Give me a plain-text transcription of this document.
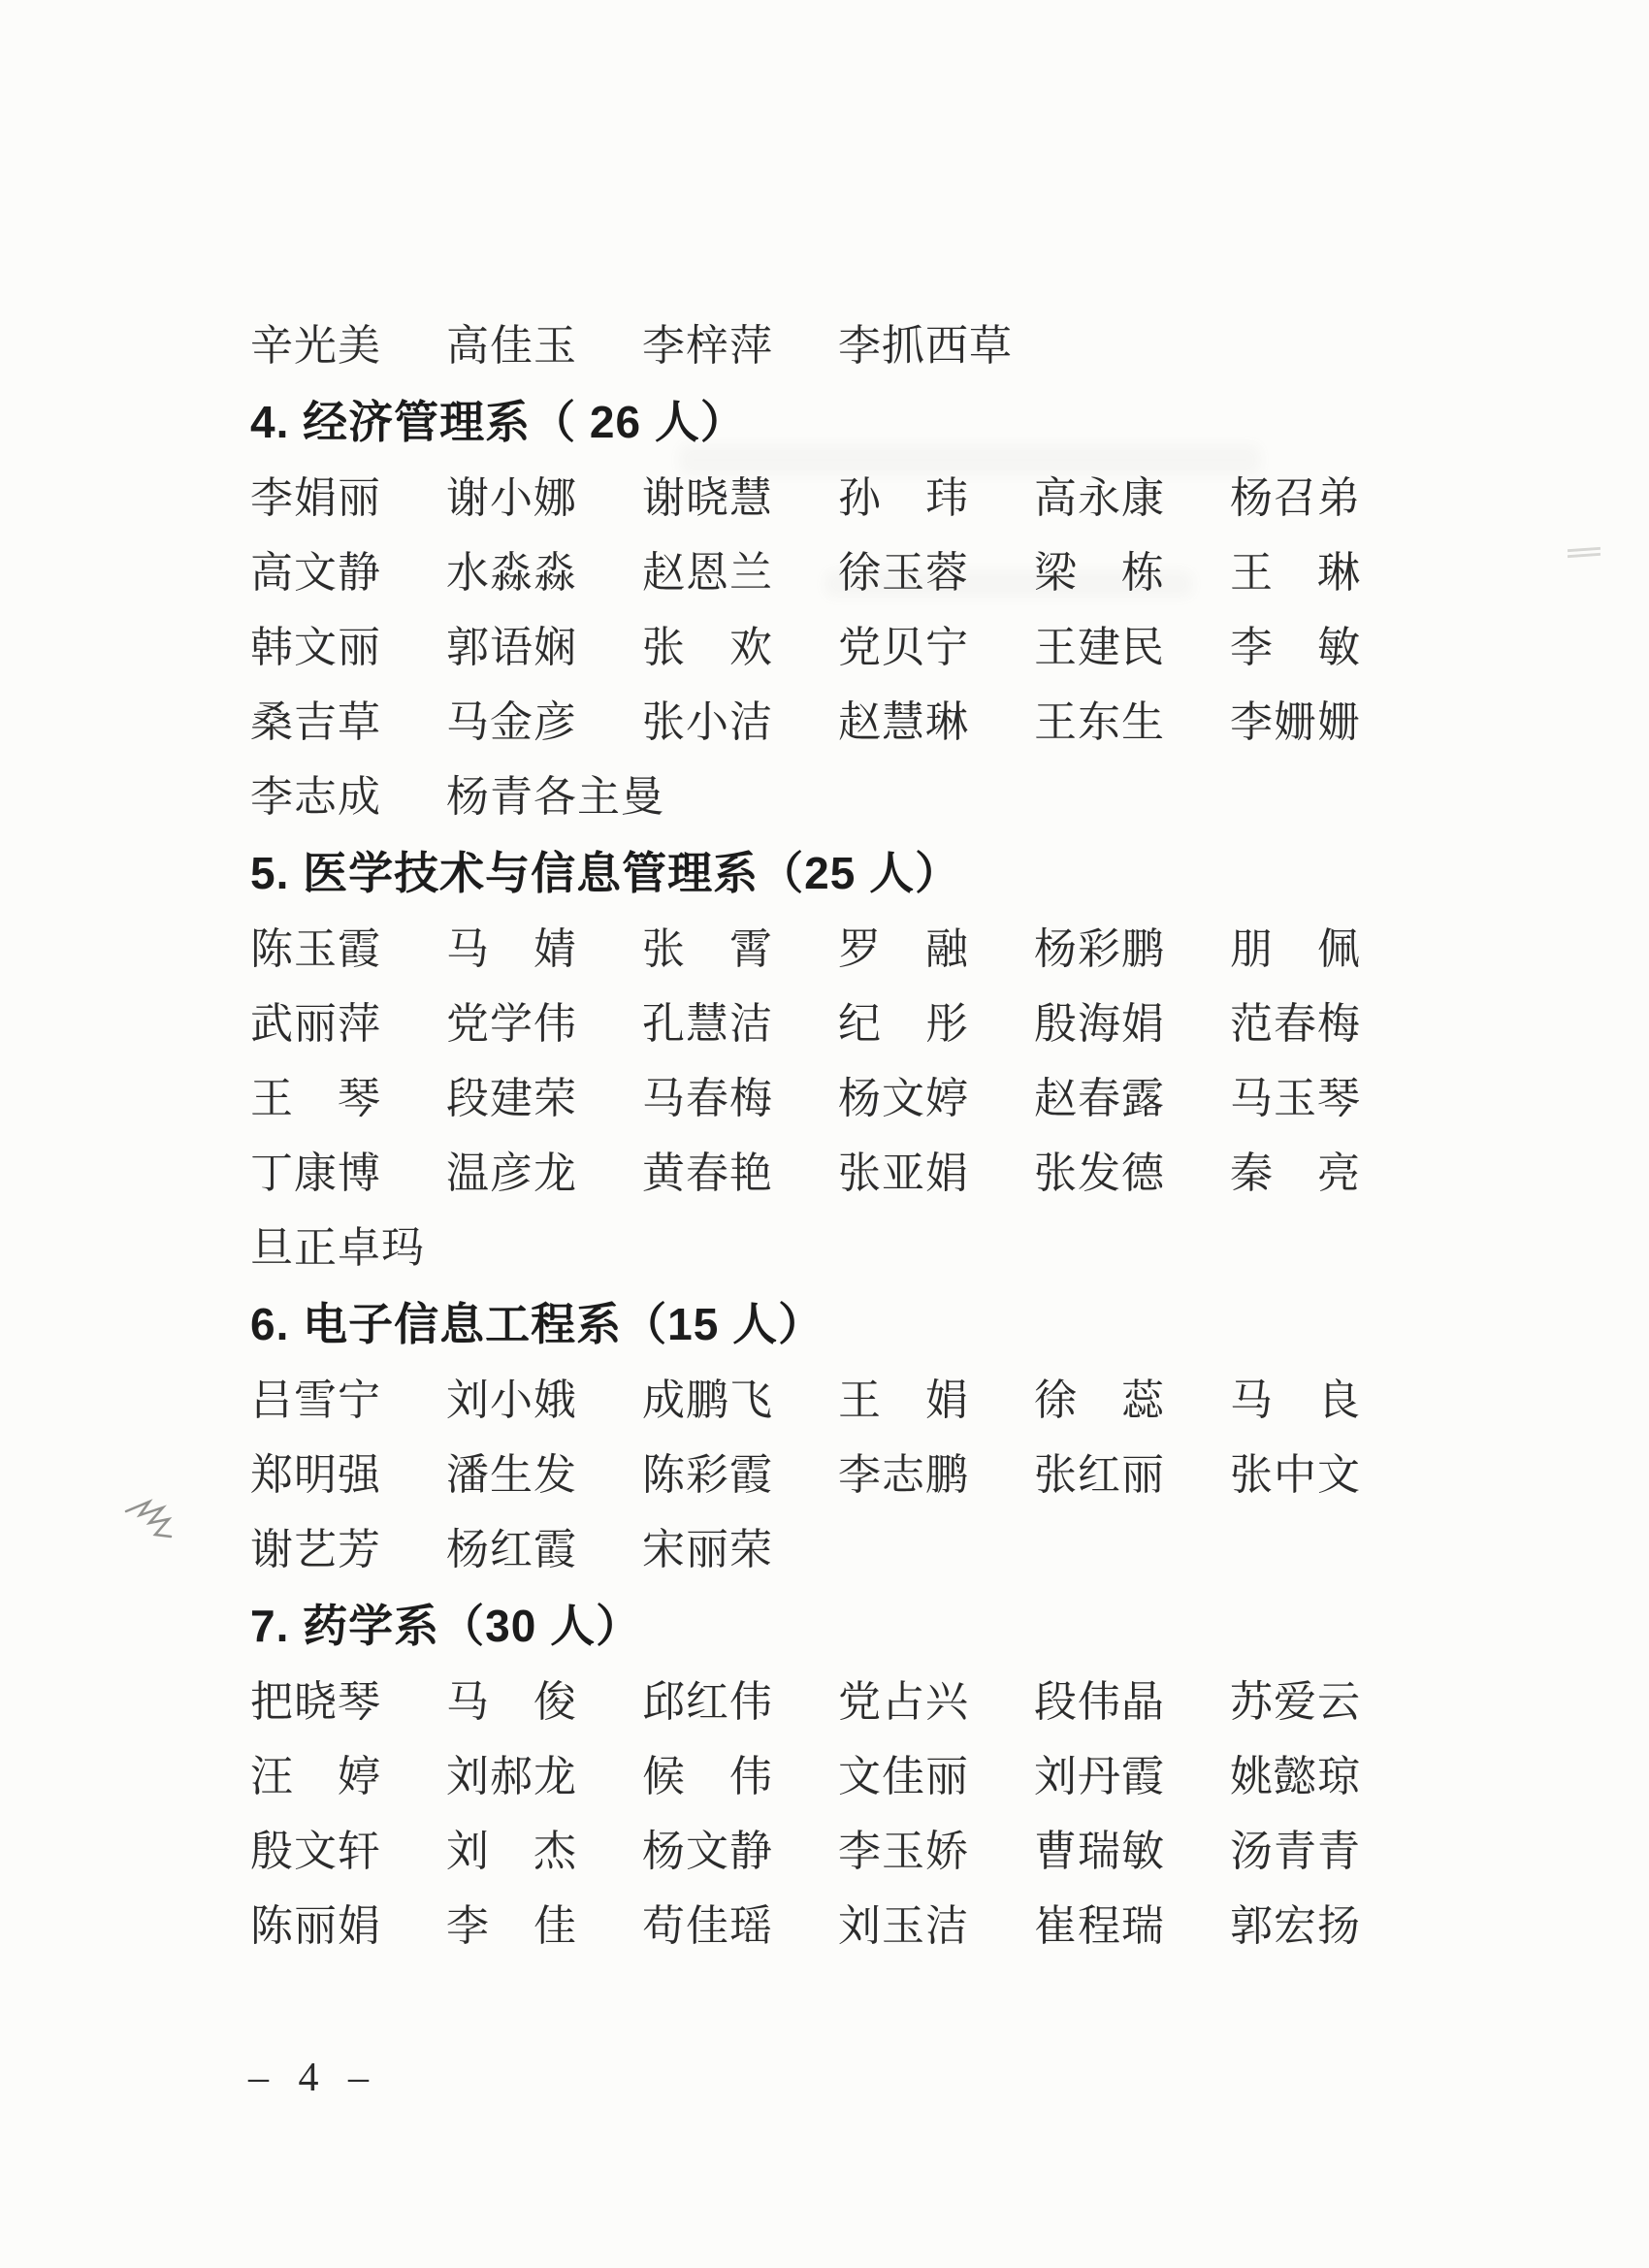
辛光美	高佳玉	李梓萍	李抓西草
4. 经济管理系（ 26 人）
李娟丽	谢小娜	谢晓慧	孙　玮	高永康	杨召弟
高文静	水淼淼	赵恩兰	徐玉蓉	梁　栋	王　琳
韩文丽	郭语娴	张　欢	党贝宁	王建民	李　敏
桑吉草	马金彦	张小洁	赵慧琳	王东生	李姗姗
李志成	杨青各主曼
5. 医学技术与信息管理系（25 人）
陈玉霞	马　婧	张　霄	罗　融	杨彩鹏	朋　佩
武丽萍	党学伟	孔慧洁	纪　彤	殷海娟	范春梅
王　琴	段建荣	马春梅	杨文婷	赵春露	马玉琴
丁康博	温彦龙	黄春艳	张亚娟	张发德	秦　亮
旦正卓玛
6. 电子信息工程系（15 人）
吕雪宁	刘小娥	成鹏飞	王　娟	徐　蕊	马　良
郑明强	潘生发	陈彩霞	李志鹏	张红丽	张中文
谢艺芳	杨红霞	宋丽荣
7. 药学系（30 人）
把晓琴	马　俊	邱红伟	党占兴	段伟晶	苏爱云
汪　婷	刘郝龙	候　伟	文佳丽	刘丹霞	姚懿琼
殷文轩	刘　杰	杨文静	李玉娇	曹瑞敏	汤青青
陈丽娟	李　佳	苟佳瑶	刘玉洁	崔程瑞	郭宏扬
– 4 –
